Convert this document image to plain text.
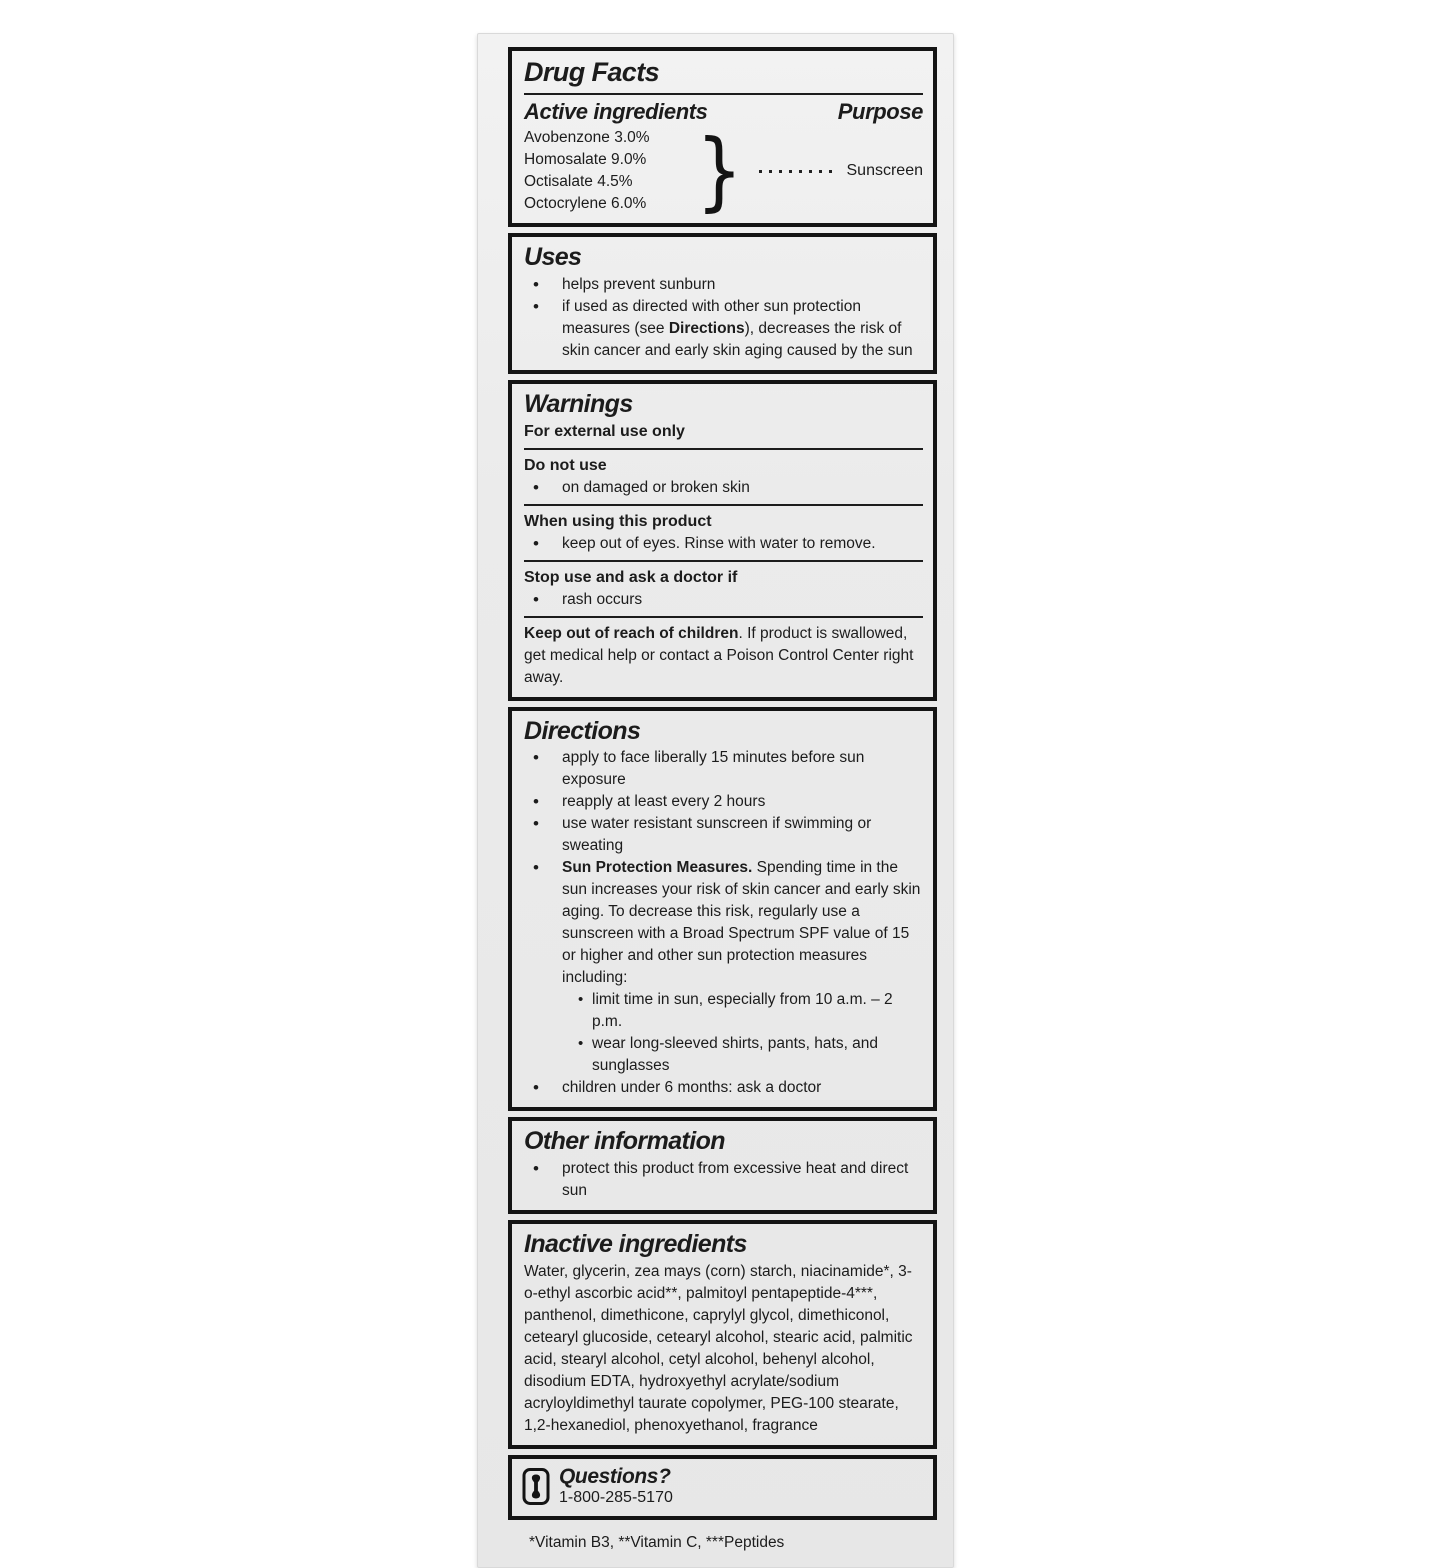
Drug Facts
Active ingredients	Purpose
Avobenzone 3.0%
Homosalate 9.0%
Octisalate 4.5%
Octocrylene 6.0% }	Sunscreen
Uses
• helps prevent sunburn
• if used as directed with other sun protection measures (see Directions), decreases the risk of skin cancer and early skin aging caused by the sun
Warnings
For external use only
Do not use
• on damaged or broken skin
When using this product
• keep out of eyes. Rinse with water to remove.
Stop use and ask a doctor if
• rash occurs
Keep out of reach of children. If product is swallowed, get medical help or contact a Poison Control Center right away.
Directions
• apply to face liberally 15 minutes before sun exposure
• reapply at least every 2 hours
• use water resistant sunscreen if swimming or sweating
• Sun Protection Measures. Spending time in the sun increases your risk of skin cancer and early skin aging. To decrease this risk, regularly use a sunscreen with a Broad Spectrum SPF value of 15 or higher and other sun protection measures including:
• limit time in sun, especially from 10 a.m. – 2 p.m.
• wear long-sleeved shirts, pants, hats, and sunglasses
• children under 6 months: ask a doctor
Other information
• protect this product from excessive heat and direct sun
Inactive ingredients
Water, glycerin, zea mays (corn) starch, niacinamide*, 3-o-ethyl ascorbic acid**, palmitoyl pentapeptide-4***, panthenol, dimethicone, caprylyl glycol, dimethiconol, cetearyl glucoside, cetearyl alcohol, stearic acid, palmitic acid, stearyl alcohol, cetyl alcohol, behenyl alcohol, disodium EDTA, hydroxyethyl acrylate/sodium acryloyldimethyl taurate copolymer, PEG-100 stearate, 1,2-hexanediol, phenoxyethanol, fragrance
Questions?
1-800-285-5170
*Vitamin B3, **Vitamin C, ***Peptides
